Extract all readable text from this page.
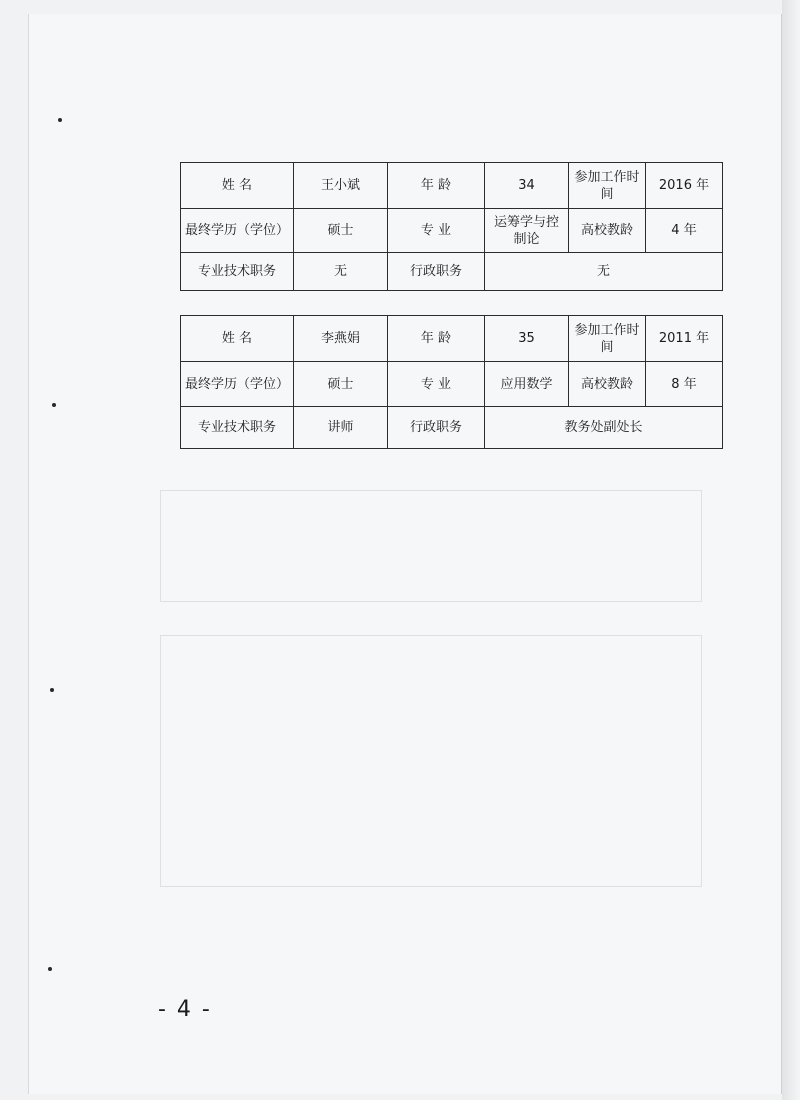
姓 名	王小斌	年 龄	34	参加工作时间	2016 年
最终学历（学位）	硕士	专 业	运筹学与控制论	高校教龄	4 年
专业技术职务	无	行政职务	无		
姓 名	李燕娟	年 龄	35	参加工作时间	2011 年
最终学历（学位）	硕士	专 业	应用数学	高校教龄	8 年
专业技术职务	讲师	行政职务	教务处副处长		
- 4 -
